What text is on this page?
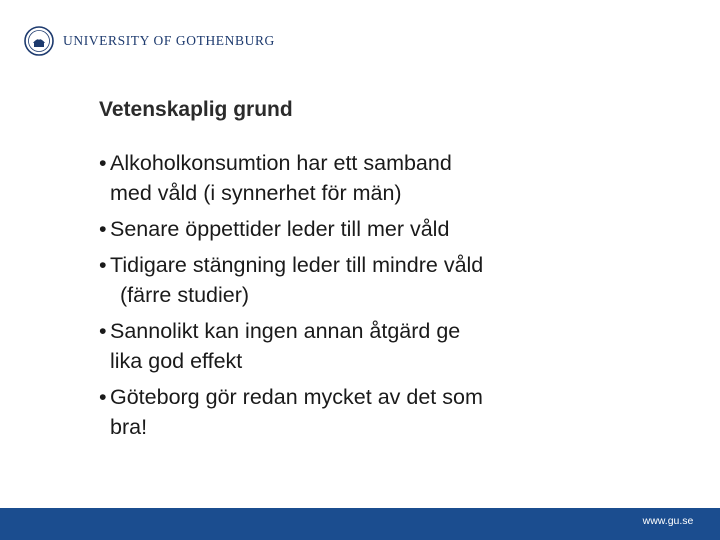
UNIVERSITY OF GOTHENBURG
Vetenskaplig grund
• Alkoholkonsumtion har ett samband
med våld (i synnerhet för män)
• Senare öppettider leder till mer våld
• Tidigare stängning leder till mindre våld
(färre studier)
• Sannolikt kan ingen annan åtgärd ge
lika god effekt
• Göteborg gör redan mycket av det som
bra!
www.gu.se
